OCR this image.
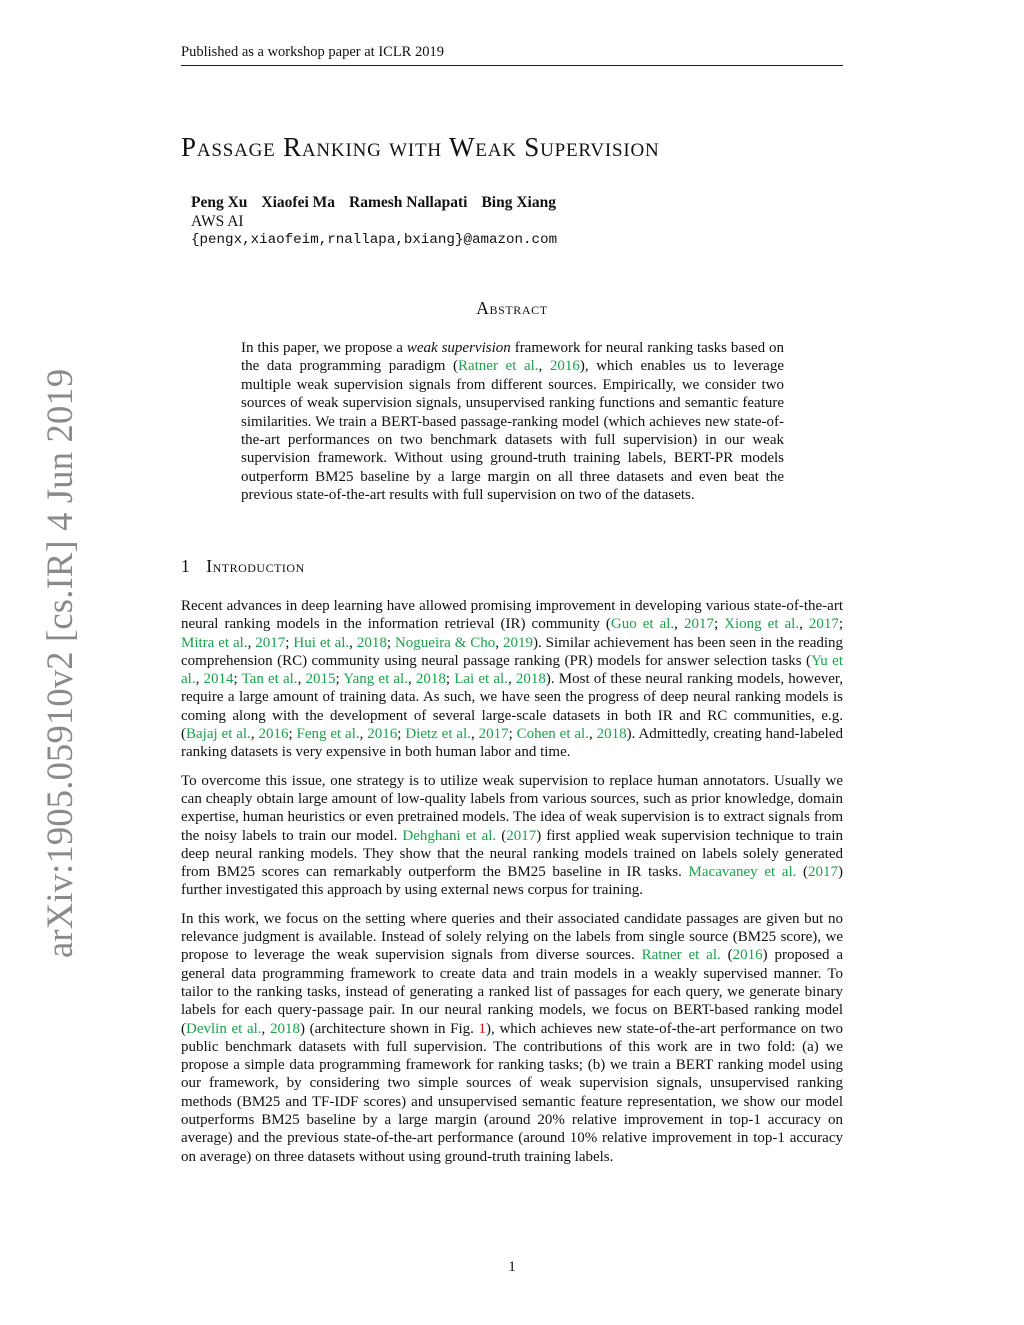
Published as a workshop paper at ICLR 2019
arXiv:1905.05910v2 [cs.IR] 4 Jun 2019
Passage Ranking with Weak Supervision
Peng Xu Xiaofei Ma Ramesh Nallapati Bing Xiang
AWS AI
{pengx,xiaofeim,rnallapa,bxiang}@amazon.com
Abstract
In this paper, we propose a weak supervision framework for neural ranking tasks based on the data programming paradigm (Ratner et al., 2016), which enables us to leverage multiple weak supervision signals from different sources. Empirically, we consider two sources of weak supervision signals, unsupervised ranking functions and semantic feature similarities. We train a BERT-based passage-ranking model (which achieves new state-of-the-art performances on two benchmark datasets with full supervision) in our weak supervision framework. Without using ground-truth training labels, BERT-PR models outperform BM25 baseline by a large margin on all three datasets and even beat the previous state-of-the-art results with full supervision on two of the datasets.
1 Introduction

Recent advances in deep learning have allowed promising improvement in developing various state-of-the-art neural ranking models in the information retrieval (IR) community (Guo et al., 2017; Xiong et al., 2017; Mitra et al., 2017; Hui et al., 2018; Nogueira & Cho, 2019). Similar achievement has been seen in the reading comprehension (RC) community using neural passage ranking (PR) models for answer selection tasks (Yu et al., 2014; Tan et al., 2015; Yang et al., 2018; Lai et al., 2018). Most of these neural ranking models, however, require a large amount of training data. As such, we have seen the progress of deep neural ranking models is coming along with the development of several large-scale datasets in both IR and RC communities, e.g. (Bajaj et al., 2016; Feng et al., 2016; Dietz et al., 2017; Cohen et al., 2018). Admittedly, creating hand-labeled ranking datasets is very expensive in both human labor and time.

To overcome this issue, one strategy is to utilize weak supervision to replace human annotators. Usually we can cheaply obtain large amount of low-quality labels from various sources, such as prior knowledge, domain expertise, human heuristics or even pretrained models. The idea of weak supervision is to extract signals from the noisy labels to train our model. Dehghani et al. (2017) first applied weak supervision technique to train deep neural ranking models. They show that the neural ranking models trained on labels solely generated from BM25 scores can remarkably outperform the BM25 baseline in IR tasks. Macavaney et al. (2017) further investigated this approach by using external news corpus for training.

In this work, we focus on the setting where queries and their associated candidate passages are given but no relevance judgment is available. Instead of solely relying on the labels from single source (BM25 score), we propose to leverage the weak supervision signals from diverse sources. Ratner et al. (2016) proposed a general data programming framework to create data and train models in a weakly supervised manner. To tailor to the ranking tasks, instead of generating a ranked list of passages for each query, we generate binary labels for each query-passage pair. In our neural ranking models, we focus on BERT-based ranking model (Devlin et al., 2018) (architecture shown in Fig. 1), which achieves new state-of-the-art performance on two public benchmark datasets with full supervision. The contributions of this work are in two fold: (a) we propose a simple data programming framework for ranking tasks; (b) we train a BERT ranking model using our framework, by considering two simple sources of weak supervision signals, unsupervised ranking methods (BM25 and TF-IDF scores) and unsupervised semantic feature representation, we show our model outperforms BM25 baseline by a large margin (around 20% relative improvement in top-1 accuracy on average) and the previous state-of-the-art performance (around 10% relative improvement in top-1 accuracy on average) on three datasets without using ground-truth training labels.

1
